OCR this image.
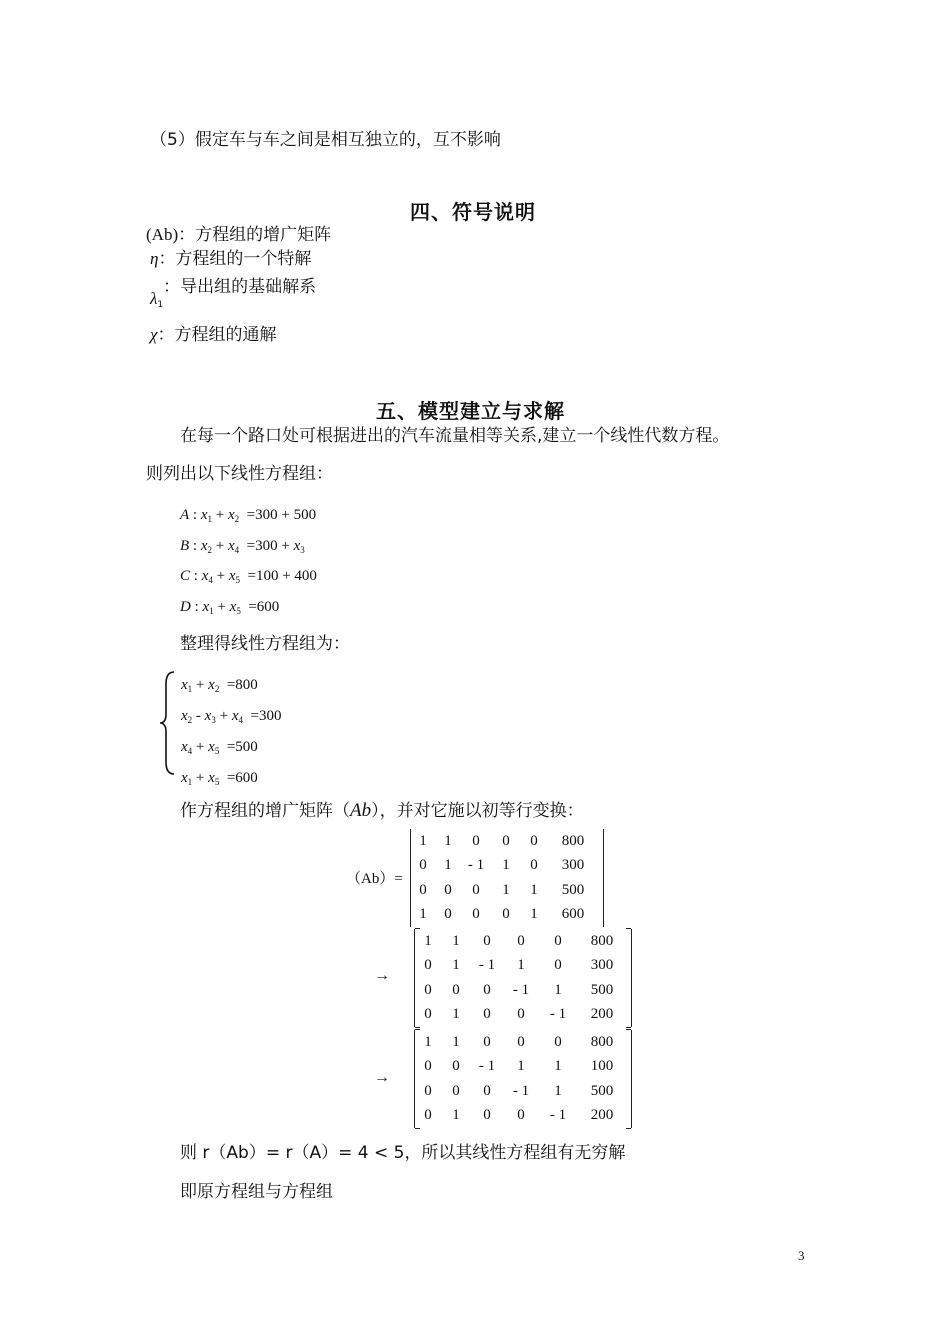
（5）假定车与车之间是相互独立的，互不影响
四、符号说明
(Ab)：方程组的增广矩阵
η：方程组的一个特解
$\lambda_1$：导出组的基础解系
χ：方程组的通解
五、模型建立与求解
在每一个路口处可根据进出的汽车流量相等关系,建立一个线性代数方程。
则列出以下线性方程组：
A : $x_1 + x_2 =300 + 500$
B : $x_2 + x_4 =300 + x_3$
C : $x_4 + x_5 =100 + 400$
D : $x_1 + x_5 =600$
整理得线性方程组为：
$x_1 + x_2 =800$
$x_2 - x_3 + x_4 =300$
$x_4 + x_5 =500$
$x_1 + x_5 =600$
作方程组的增广矩阵（Ab），并对它施以初等行变换：
（Ab）=
1	1	0	0	0	800
0	1	- 1	1	0	300
0	0	0	1	1	500
1	0	0	0	1	600
→
1	1	0	0	0	800
0	1	- 1	1	0	300
0	0	0	- 1	1	500
0	1	0	0	- 1	200
→
1	1	0	0	0	800
0	0	- 1	1	1	100
0	0	0	- 1	1	500
0	1	0	0	- 1	200
则 r（Ab）= r（A）= 4 < 5，所以其线性方程组有无穷解
即原方程组与方程组
3
